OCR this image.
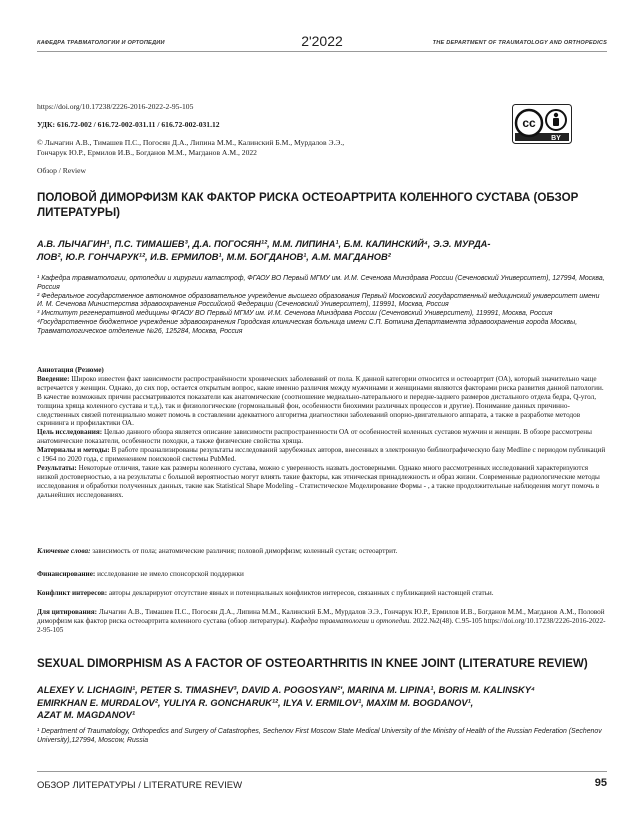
КАФЕДРА ТРАВМАТОЛОГИИ И ОРТОПЕДИИ	2'2022	THE DEPARTMENT OF TRAUMATOLOGY AND ORTHOPEDICS
https://doi.org/10.17238/2226-2016-2022-2-95-105
УДК: 616.72-002 / 616.72-002-031.11 / 616.72-002-031.12
© Лычагин А.В., Тимашев П.С., Погосян Д.А., Липина М.М., Калинский Б.М., Мурдалов Э.Э.,
Гончарук Ю.Р., Ермилов И.В., Богданов М.М., Магданов А.М., 2022
Обзор / Review
cc
BY
ПОЛОВОЙ ДИМОРФИЗМ КАК ФАКТОР РИСКА ОСТЕОАРТРИТА КОЛЕННОГО СУСТАВА (ОБЗОР ЛИТЕРАТУРЫ)
А.В. ЛЫЧАГИН¹, П.С. ТИМАШЕВ³, Д.А. ПОГОСЯН¹², М.М. ЛИПИНА¹, Б.М. КАЛИНСКИЙ⁴, Э.Э. МУРДА-
ЛОВ², Ю.Р. ГОНЧАРУК¹², И.В. ЕРМИЛОВ¹, М.М. БОГДАНОВ¹, А.М. МАГДАНОВ²

¹ Кафедра травматологии, ортопедии и хирургии катастроф, ФГАОУ ВО Первый МГМУ им. И.М. Сеченова Минздрава России (Сеченовский Университет), 127994, Москва, Россия

² Федеральное государственное автономное образовательное учреждение высшего образования Первый Московский государственный медицинский университет имени И. М. Сеченова Министерства здравоохранения Российской Федерации (Сеченовский Университет), 119991, Москва, Россия

³ Институт регенеративной медицины ФГАОУ ВО Первый МГМУ им. И.М. Сеченова Минздрава России (Сеченовский Университет), 119991, Москва, Россия

⁴Государственное бюджетное учреждение здравоохранения Городская клиническая больница имени С.П. Боткина Департамента здравоохранения города Москвы, Травматологическое отделение №26, 125284, Москва, Россия

Аннотация (Резюме)

Введение: Широко известен факт зависимости распространённости хронических заболеваний от пола. К данной категории относится и остеоартрит (ОА), который значительно чаще встречается у женщин. Однако, до сих пор, остается открытым вопрос, какие именно различия между мужчинами и женщинами являются факторами риска развития данной патологии. В качестве возможных причин рассматриваются показатели как анатомические (соотношение медиально-латерального и передне-заднего размеров дистального отдела бедра, Q-угол, толщина хряща коленного сустава и т.д.), так и физиологические (гормональный фон, особенности биохимии различных процессов и другие). Понимание данных причинно-следственных связей потенциально может помочь в составлении адекватного алгоритма диагностики заболеваний опорно-двигательного аппарата, а также в разработке методов скрининга и профилактики ОА.

Цель исследования: Целью данного обзора является описание зависимости распространенности ОА от особенностей коленных суставов мужчин и женщин. В обзоре рассмотрены анатомические показатели, особенности походки, а также физические свойства хряща.

Материалы и методы: В работе проанализированы результаты исследований зарубежных авторов, внесенных в электронную библиографическую базу Medline с периодом публикаций с 1964 по 2020 года, с применением поисковой системы PubMed.

Результаты: Некоторые отличия, такие как размеры коленного сустава, можно с уверенность назвать достоверными. Однако много рассмотренных исследований характеризуются низкой достоверностью, а на результаты с большой вероятностью могут влиять такие факторы, как этническая принадлежность и образ жизни. Современные радиологические методы исследования и обработки полученных данных, такие как Statistical Shape Modeling - Статистическое Моделирование Формы - , а также продолжительные наблюдения могут помочь в дальнейших исследованиях.

Ключевые слова: зависимость от пола; анатомические различия; половой диморфизм; коленный сустав; остеоартрит.
Финансирование: исследование не имело спонсорской поддержки
Конфликт интересов: авторы декларируют отсутствие явных и потенциальных конфликтов интересов, связанных с публикацией настоящей статьи.
Для цитирования: Лычагин А.В., Тимашев П.С., Погосян Д.А., Липина М.М., Калинский Б.М., Мурдалов Э.Э., Гончарук Ю.Р., Ермилов И.В., Богданов М.М., Магданов А.М., Половой диморфизм как фактор риска остеоартрита коленного сустава (обзор литературы). Кафедра травматологии и ортопедии. 2022.№2(48). С.95-105 https://doi.org/10.17238/2226-2016-2022-2-95-105
SEXUAL DIMORPHISM AS A FACTOR OF OSTEOARTHRITIS IN KNEE JOINT (LITERATURE REVIEW)
ALEXEY V. LICHAGIN¹, PETER S. TIMASHEV³, DAVID A. POGOSYAN²', MARINA M. LIPINA¹, BORIS M. KALINSKY⁴
EMIRKHAN E. MURDALOV², YULIYA R. GONCHARUK¹², ILYA V. ERMILOV¹, MAXIM M. BOGDANOV¹,
AZAT M. MAGDANOV¹
¹ Department of Traumatology, Orthopedics and Surgery of Catastrophes, Sechenov First Moscow State Medical University of the Ministry of Health of the Russian Federation (Sechenov University),127994, Moscow, Russia
ОБЗОР ЛИТЕРАТУРЫ / LITERATURE REVIEW	95
